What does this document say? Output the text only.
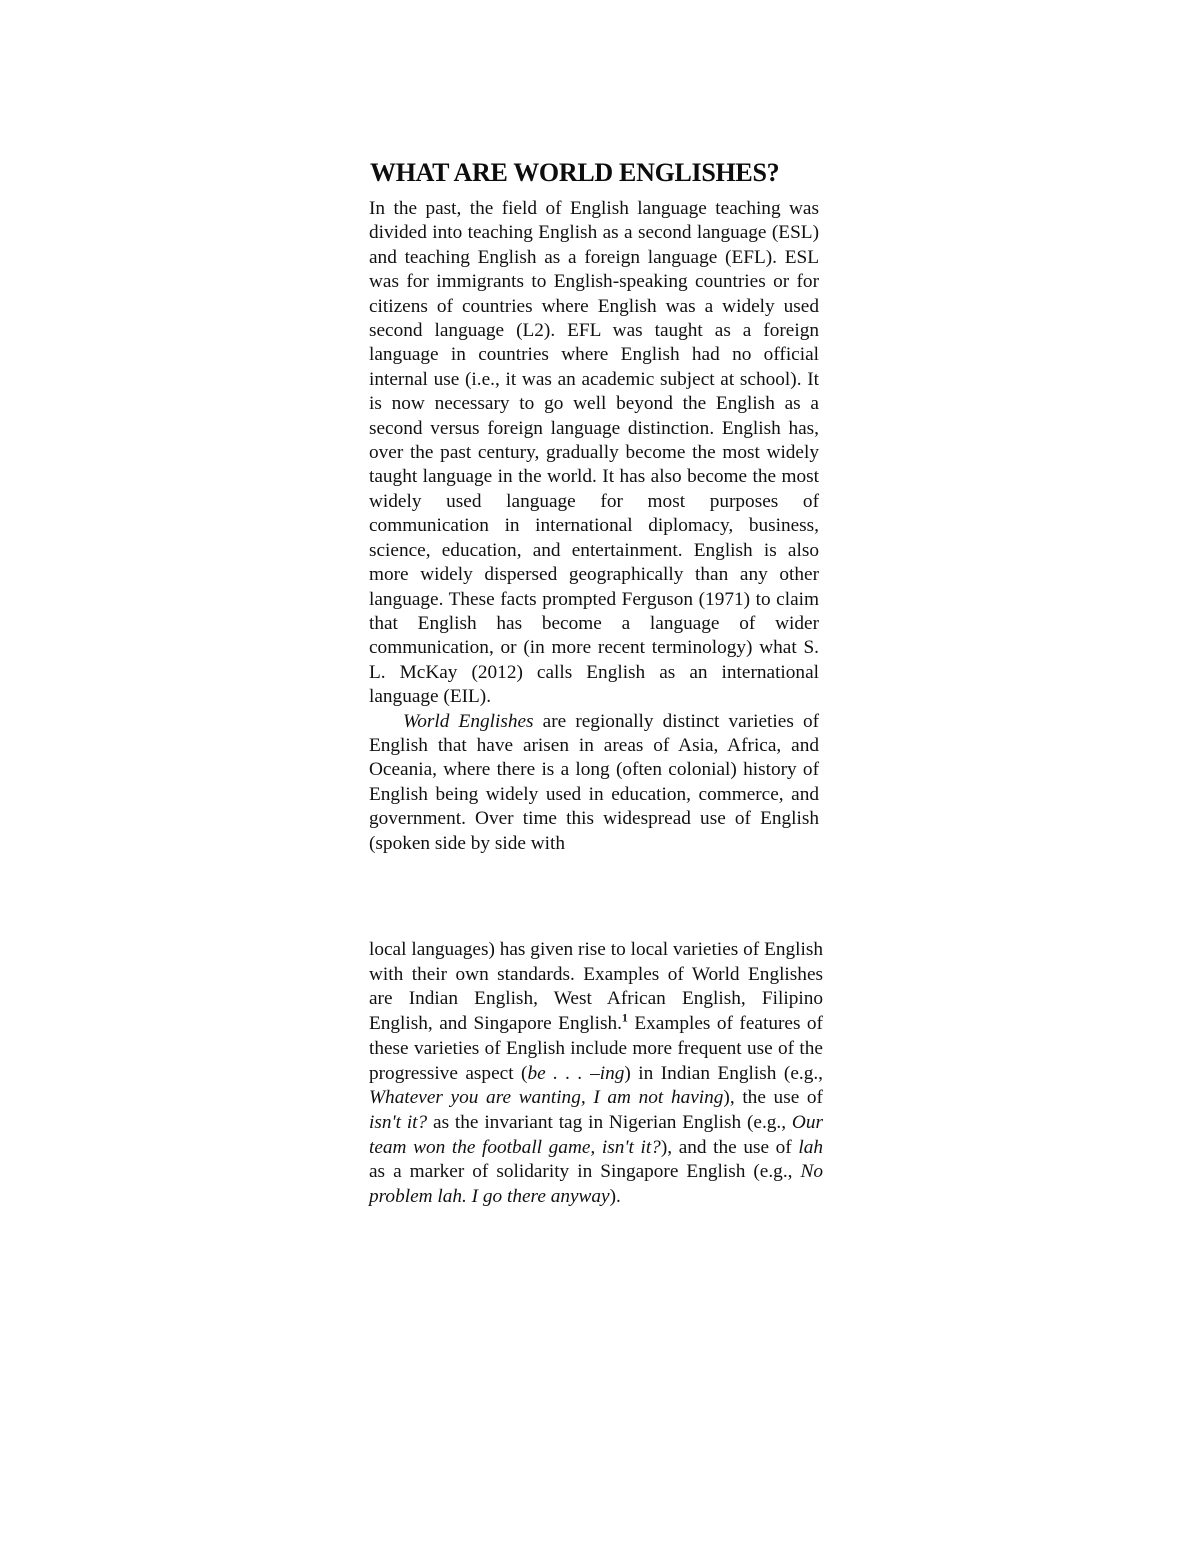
WHAT ARE WORLD ENGLISHES?

In the past, the field of English language teaching was divided into teaching English as a second language (ESL) and teaching English as a foreign language (EFL). ESL was for immigrants to English-speaking countries or for citizens of countries where English was a widely used second language (L2). EFL was taught as a foreign language in countries where English had no official internal use (i.e., it was an academic subject at school). It is now necessary to go well beyond the English as a second versus foreign language distinction. English has, over the past century, gradually become the most widely taught language in the world. It has also become the most widely used language for most purposes of communication in international diplomacy, business, science, education, and entertainment. English is also more widely dispersed geographically than any other language. These facts prompted Ferguson (1971) to claim that English has become a language of wider communication, or (in more recent terminology) what S. L. McKay (2012) calls English as an international language (EIL).

World Englishes are regionally distinct varieties of English that have arisen in areas of Asia, Africa, and Oceania, where there is a long (often colonial) history of English being widely used in education, commerce, and government. Over time this widespread use of English (spoken side by side with

local languages) has given rise to local varieties of English with their own standards. Examples of World Englishes are Indian English, West African English, Filipino English, and Singapore English.$^1$ Examples of features of these varieties of English include more frequent use of the progressive aspect (be . . . –ing) in Indian English (e.g., Whatever you are wanting, I am not having), the use of isn't it? as the invariant tag in Nigerian English (e.g., Our team won the football game, isn't it?), and the use of lah as a marker of solidarity in Singapore English (e.g., No problem lah. I go there anyway).
